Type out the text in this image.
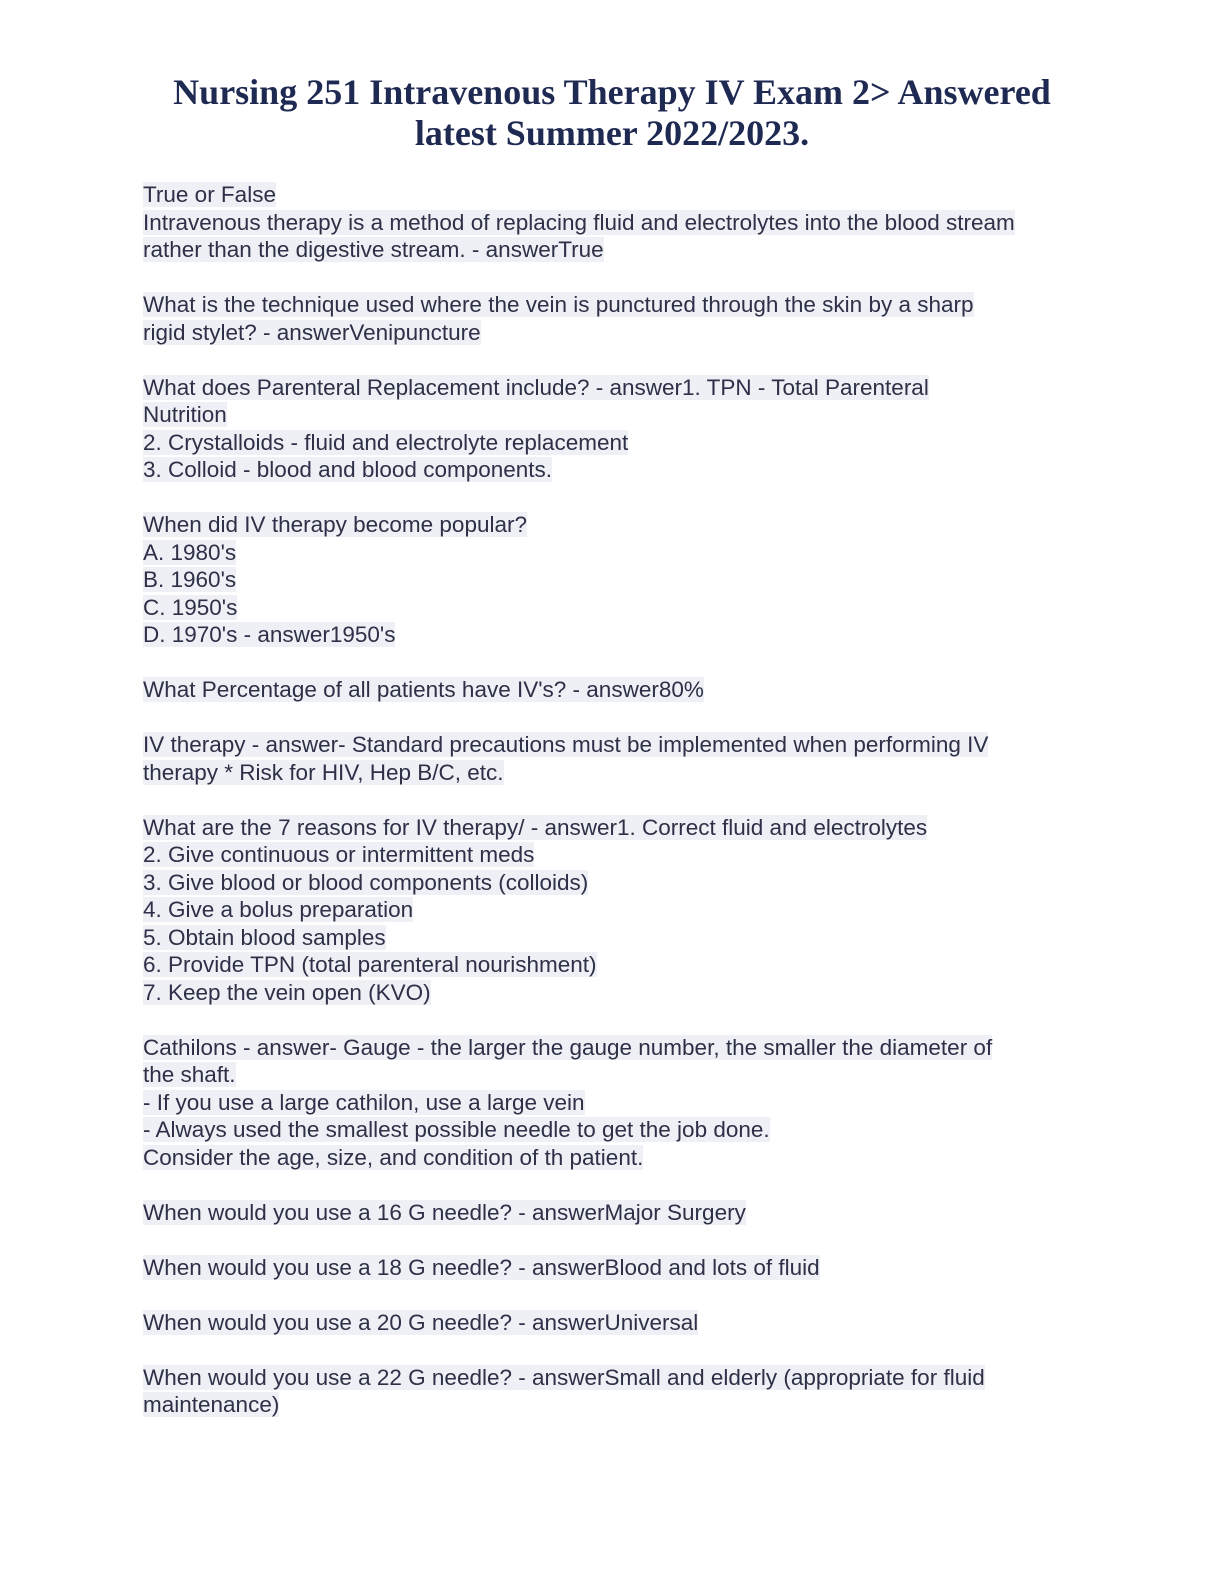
Nursing 251 Intravenous Therapy IV Exam 2> Answered
latest Summer 2022/2023.
True or False
Intravenous therapy is a method of replacing fluid and electrolytes into the blood stream
rather than the digestive stream. - answerTrue
What is the technique used where the vein is punctured through the skin by a sharp
rigid stylet? - answerVenipuncture
What does Parenteral Replacement include? - answer1. TPN - Total Parenteral
Nutrition
2. Crystalloids - fluid and electrolyte replacement
3. Colloid - blood and blood components.
When did IV therapy become popular?
A. 1980's
B. 1960's
C. 1950's
D. 1970's - answer1950's
What Percentage of all patients have IV's? - answer80%
IV therapy - answer- Standard precautions must be implemented when performing IV
therapy * Risk for HIV, Hep B/C, etc.
What are the 7 reasons for IV therapy/ - answer1. Correct fluid and electrolytes
2. Give continuous or intermittent meds
3. Give blood or blood components (colloids)
4. Give a bolus preparation
5. Obtain blood samples
6. Provide TPN (total parenteral nourishment)
7. Keep the vein open (KVO)
Cathilons - answer- Gauge - the larger the gauge number, the smaller the diameter of
the shaft.
- If you use a large cathilon, use a large vein
- Always used the smallest possible needle to get the job done.
Consider the age, size, and condition of th patient.
When would you use a 16 G needle? - answerMajor Surgery
When would you use a 18 G needle? - answerBlood and lots of fluid
When would you use a 20 G needle? - answerUniversal
When would you use a 22 G needle? - answerSmall and elderly (appropriate for fluid
maintenance)
